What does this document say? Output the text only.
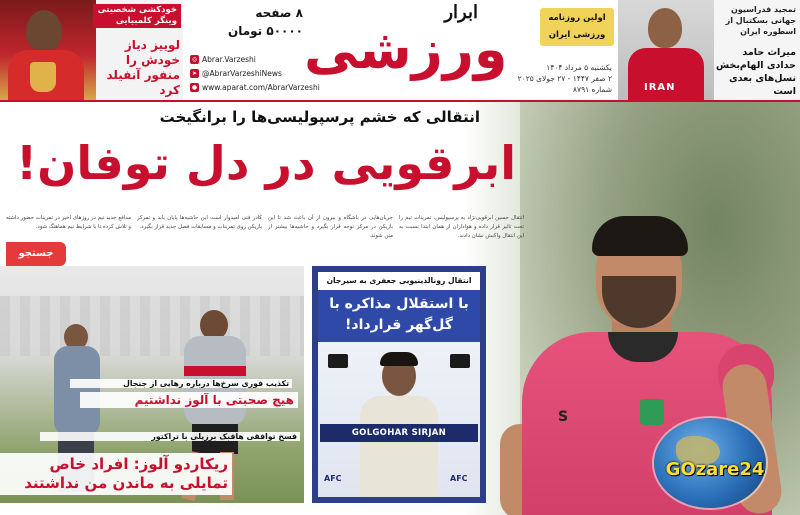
خودکشی شخصیتی وینگر کلمبیایی
لوییز دیاز خودش را منفور آنفیلد کرد
۸ صفحه
۵۰۰۰۰ تومان
◎ Abrar.Varzeshi
➤ @AbrarVarzeshiNews
● www.aparat.com/AbrarVarzeshi
ابرار
ورزشی	اولین روزنامه ورزشی ایران
یکشنبه ۵ مرداد ۱۴۰۴
۲ صفر ۱۴۴۷ - ۲۷ جولای ۲۰۲۵
شماره ۸۷۹۱	IRAN
تمجید فدراسیون جهانی بسکتبال از اسطوره ایران
میراث حامد حدادی الهام‌بخش نسل‌های بعدی است
S
انتقالی که خشم پرسپولیسی‌ها را برانگیخت
ابرقویی در دل توفان!
انتقال حسین ابرقویی‌نژاد به پرسپولیس، تمرینات تیم را تحت تاثیر قرار داده و هواداران از همان ابتدا نسبت به این انتقال واکنش نشان دادند.
جریان‌هایی در باشگاه و بیرون از آن باعث شد تا این بازیکن در مرکز توجه قرار بگیرد و حاشیه‌ها بیشتر از متن شوند.
کادر فنی امیدوار است این حاشیه‌ها پایان یابد و تمرکز بازیکن روی تمرینات و مسابقات فصل جدید قرار بگیرد.
مدافع جدید تیم در روزهای اخیر در تمرینات حضور داشته و تلاش کرده تا با شرایط تیم هماهنگ شود.
جستجو
تکذیب فوری سرخ‌ها درباره رهایی از جنجال
هیچ صحبتی با آلوز نداشتیم
فسخ توافقی هافبک برزیلی با تراکتور
ریکاردو آلوز: افراد خاص تمایلی به ماندن من نداشتند
انتقال رونالدینیویی جعفری به سیرجان
با استقلال مذاکره با گل‌گهر قرارداد!
GOLGOHAR SIRJAN
AFC	AFC	GOzare24
